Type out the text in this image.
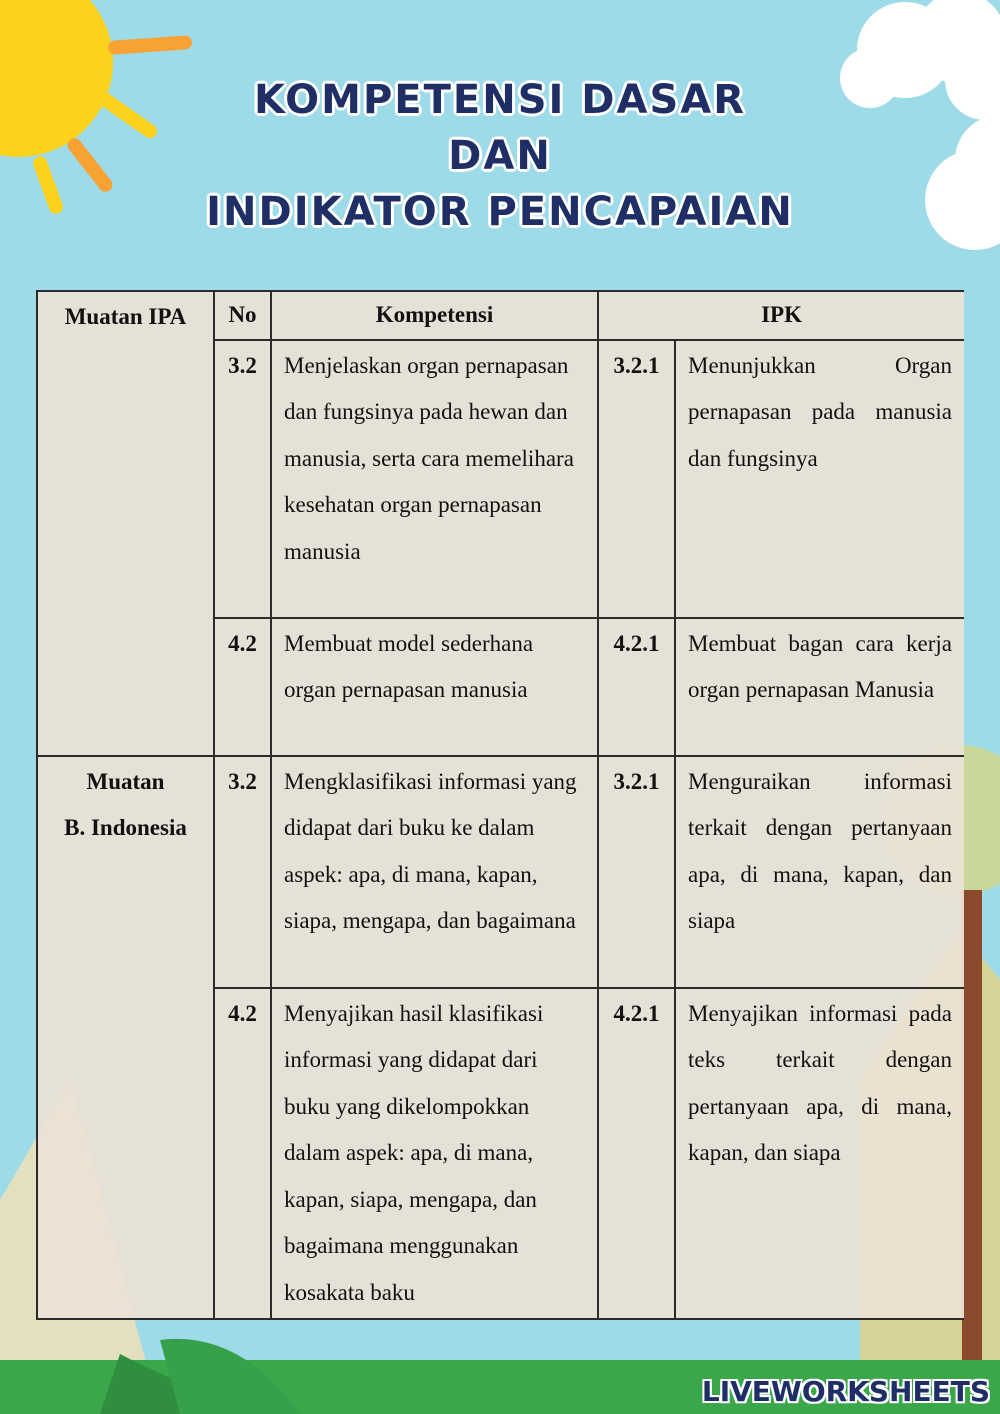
KOMPETENSI DASAR
DAN
INDIKATOR PENCAPAIAN
Muatan IPA	No	Kompetensi	IPK	
	3.2	Menjelaskan organ pernapasan dan fungsinya pada hewan dan manusia, serta cara memelihara kesehatan organ pernapasan manusia	3.2.1	Menunjukkan Organ pernapasan pada manusia dan fungsinya
	4.2	Membuat model sederhana organ pernapasan manusia	4.2.1	Membuat bagan cara kerja organ pernapasan Manusia

Muatan
B. Indonesia	3.2	Mengklasifikasi informasi yang didapat dari buku ke dalam aspek: apa, di mana, kapan, siapa, mengapa, dan bagaimana	3.2.1	Menguraikan informasi terkait dengan pertanyaan apa, di mana, kapan, dan siapa
	4.2	Menyajikan hasil klasifikasi informasi yang didapat dari buku yang dikelompokkan dalam aspek: apa, di mana, kapan, siapa, mengapa, dan bagaimana menggunakan kosakata baku	4.2.1	Menyajikan informasi pada teks terkait dengan pertanyaan apa, di mana, kapan, dan siapa
LIVEWORKSHEETS
